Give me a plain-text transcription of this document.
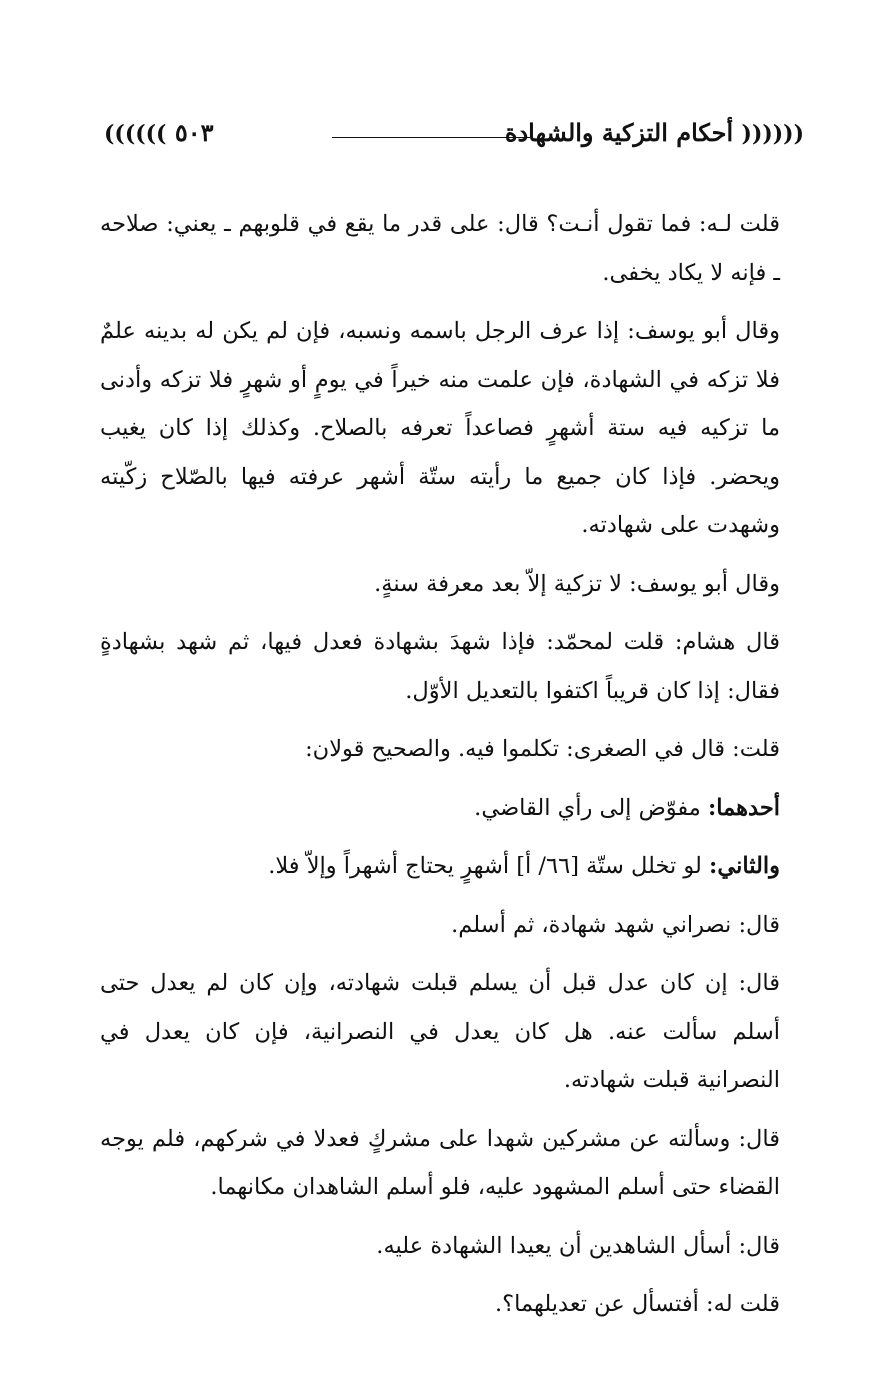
(((((( أحكام التزكية والشهادة
٥٠٣ ))))))

قلت لـه: فما تقول أنـت؟ قال: على قدر ما يقع في قلوبهم ـ يعني: صلاحه ـ فإنه لا يكاد يخفى.

وقال أبو يوسف: إذا عرف الرجل باسمه ونسبه، فإن لم يكن له بدينه علمٌ فلا تزكه في الشهادة، فإن علمت منه خيراً في يومٍ أو شهرٍ فلا تزكه وأدنى ما تزكيه فيه ستة أشهرٍ فصاعداً تعرفه بالصلاح. وكذلك إذا كان يغيب ويحضر. فإذا كان جميع ما رأيته ستّة أشهر عرفته فيها بالصّلاح زكّيته وشهدت على شهادته.

وقال أبو يوسف: لا تزكية إلاّ بعد معرفة سنةٍ.

قال هشام: قلت لمحمّد: فإذا شهدَ بشهادة فعدل فيها، ثم شهد بشهادةٍ فقال: إذا كان قريباً اكتفوا بالتعديل الأوّل.

قلت: قال في الصغرى: تكلموا فيه. والصحيح قولان:

أحدهما: مفوّض إلى رأي القاضي.

والثاني: لو تخلل ستّة [٦٦/ أ] أشهرٍ يحتاج أشهراً وإلاّ فلا.

قال: نصراني شهد شهادة، ثم أسلم.

قال: إن كان عدل قبل أن يسلم قبلت شهادته، وإن كان لم يعدل حتى أسلم سألت عنه. هل كان يعدل في النصرانية، فإن كان يعدل في النصرانية قبلت شهادته.

قال: وسألته عن مشركين شهدا على مشركٍ فعدلا في شركهم، فلم يوجه القضاء حتى أسلم المشهود عليه، فلو أسلم الشاهدان مكانهما.

قال: أسأل الشاهدين أن يعيدا الشهادة عليه.

قلت له: أفتسأل عن تعديلهما؟.
